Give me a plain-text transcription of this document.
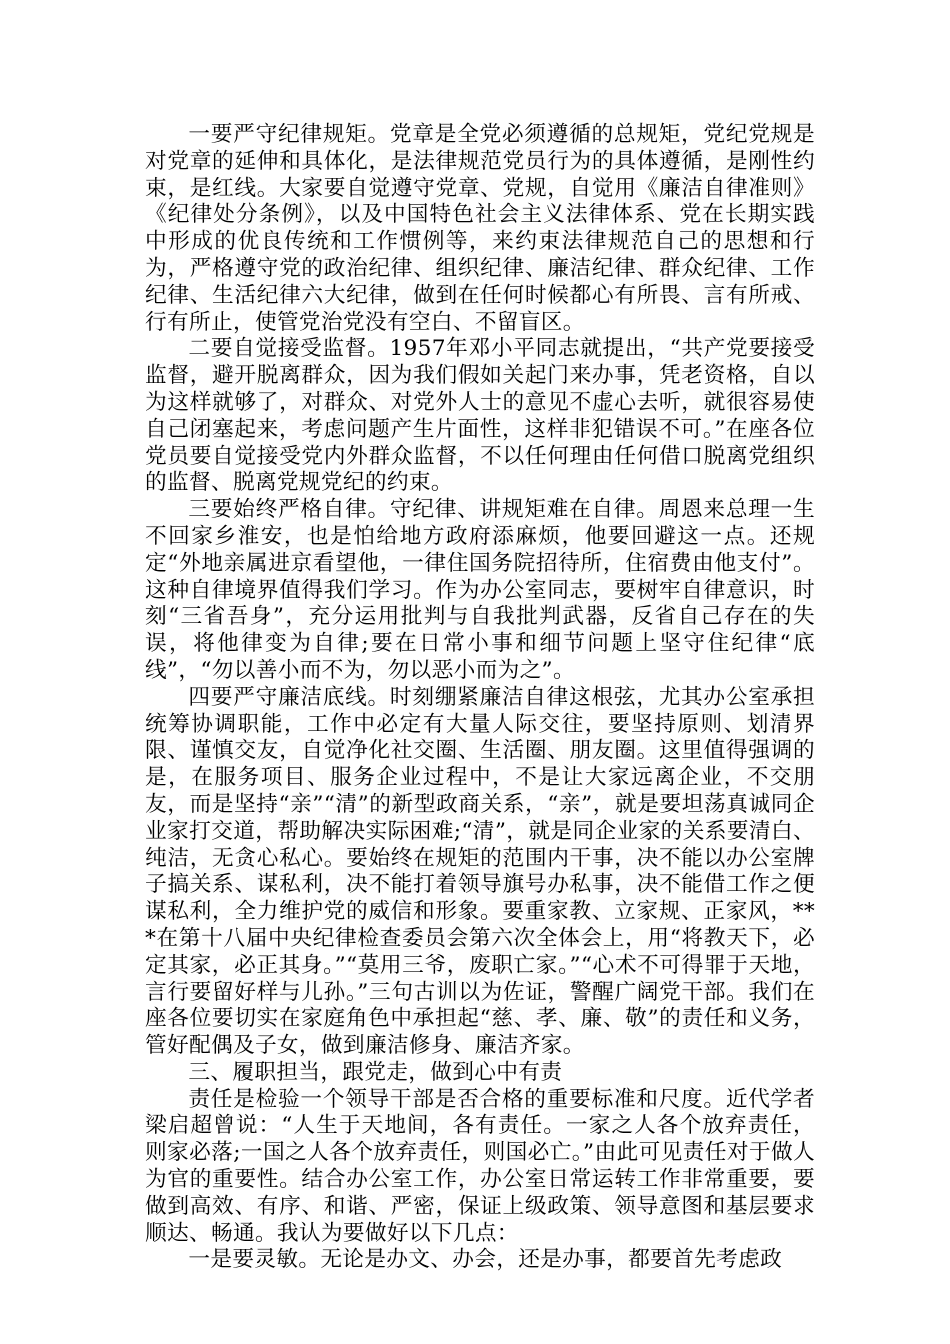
一要严守纪律规矩。党章是全党必须遵循的总规矩，党纪党规是对党章的延伸和具体化，是法律规范党员行为的具体遵循，是刚性约束，是红线。大家要自觉遵守党章、党规，自觉用《廉洁自律准则》《纪律处分条例》，以及中国特色社会主义法律体系、党在长期实践中形成的优良传统和工作惯例等，来约束法律规范自己的思想和行为，严格遵守党的政治纪律、组织纪律、廉洁纪律、群众纪律、工作纪律、生活纪律六大纪律，做到在任何时候都心有所畏、言有所戒、行有所止，使管党治党没有空白、不留盲区。

二要自觉接受监督。1957年邓小平同志就提出，“共产党要接受监督，避开脱离群众，因为我们假如关起门来办事，凭老资格，自以为这样就够了，对群众、对党外人士的意见不虚心去听，就很容易使自己闭塞起来，考虑问题产生片面性，这样非犯错误不可。”在座各位党员要自觉接受党内外群众监督，不以任何理由任何借口脱离党组织的监督、脱离党规党纪的约束。

三要始终严格自律。守纪律、讲规矩难在自律。周恩来总理一生不回家乡淮安，也是怕给地方政府添麻烦，他要回避这一点。还规定“外地亲属进京看望他，一律住国务院招待所，住宿费由他支付”。这种自律境界值得我们学习。作为办公室同志，要树牢自律意识，时刻“三省吾身”，充分运用批判与自我批判武器，反省自己存在的失误，将他律变为自律;要在日常小事和细节问题上坚守住纪律“底线”，“勿以善小而不为，勿以恶小而为之”。

四要严守廉洁底线。时刻绷紧廉洁自律这根弦，尤其办公室承担统筹协调职能，工作中必定有大量人际交往，要坚持原则、划清界限、谨慎交友，自觉净化社交圈、生活圈、朋友圈。这里值得强调的是，在服务项目、服务企业过程中，不是让大家远离企业，不交朋友，而是坚持“亲”“清”的新型政商关系，“亲”，就是要坦荡真诚同企业家打交道，帮助解决实际困难;“清”，就是同企业家的关系要清白、纯洁，无贪心私心。要始终在规矩的范围内干事，决不能以办公室牌子搞关系、谋私利，决不能打着领导旗号办私事，决不能借工作之便谋私利，全力维护党的威信和形象。要重家教、立家规、正家风，***在第十八届中央纪律检查委员会第六次全体会上，用“将教天下，必定其家，必正其身。”“莫用三爷，废职亡家。”“心术不可得罪于天地，言行要留好样与儿孙。”三句古训以为佐证，警醒广阔党干部。我们在座各位要切实在家庭角色中承担起“慈、孝、廉、敬”的责任和义务，管好配偶及子女，做到廉洁修身、廉洁齐家。

三、履职担当，跟党走，做到心中有责

责任是检验一个领导干部是否合格的重要标准和尺度。近代学者梁启超曾说：“人生于天地间，各有责任。一家之人各个放弃责任，则家必落;一国之人各个放弃责任，则国必亡。”由此可见责任对于做人为官的重要性。结合办公室工作，办公室日常运转工作非常重要，要做到高效、有序、和谐、严密，保证上级政策、领导意图和基层要求顺达、畅通。我认为要做好以下几点：

一是要灵敏。无论是办文、办会，还是办事，都要首先考虑政
